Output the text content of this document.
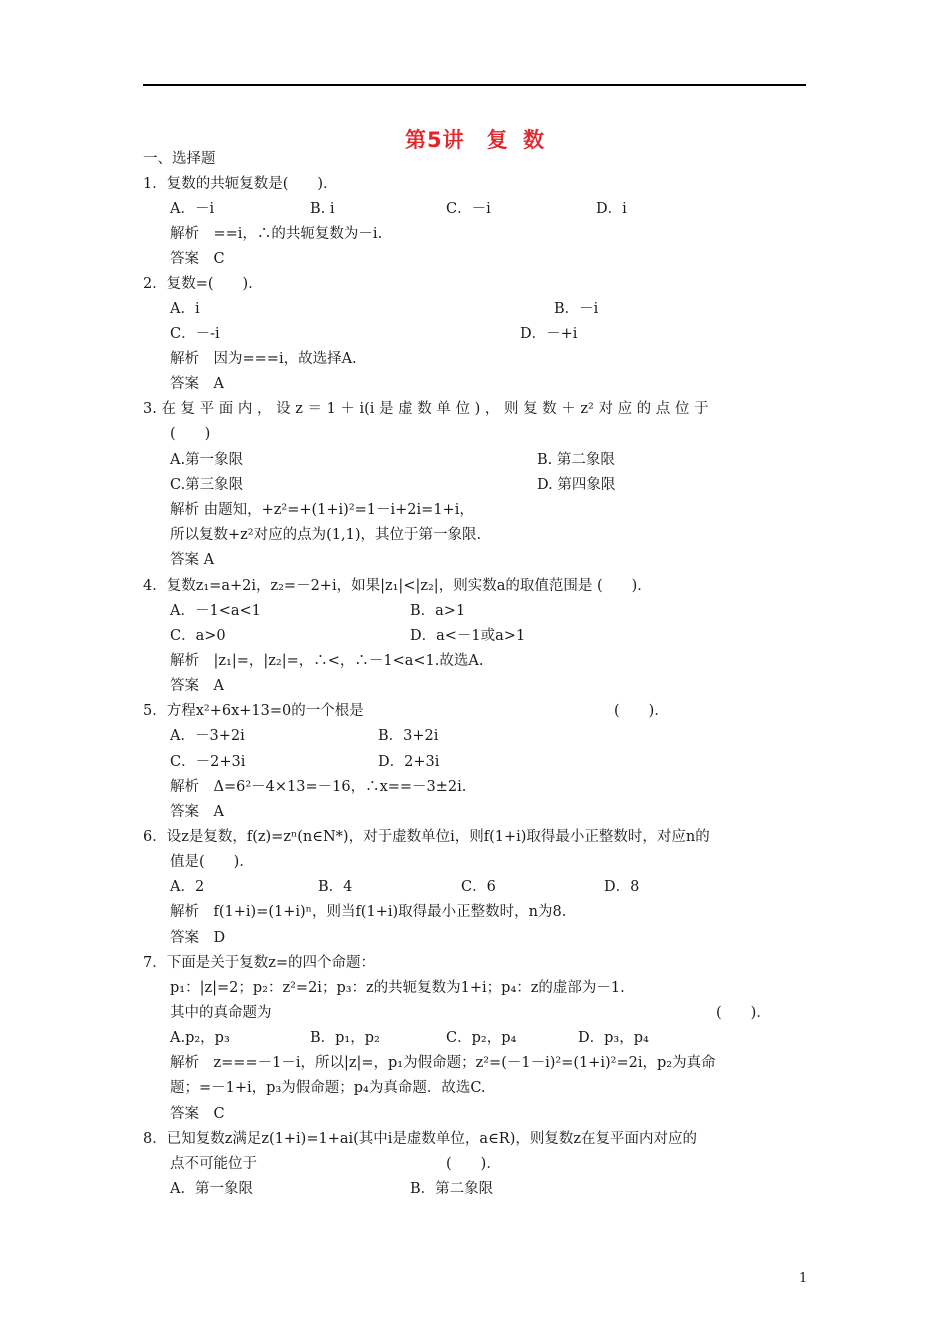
第5讲　复 数
一、选择题
1．复数的共轭复数是(　　)．
A．－i	B. i	C．－i	D．i
解析　==i，∴的共轭复数为－i.
答案　C
2．复数=(　　)．
A．i	B．－i
C．－-i	D．－+i
解析　因为===i，故选择A.
答案　A
3. 在 复 平 面 内 ， 设 z ＝ 1 ＋ i(i 是 虚 数 单 位 ) ， 则 复 数 ＋ z² 对 应 的 点 位 于
(　　)
A.第一象限	B. 第二象限
C.第三象限	D. 第四象限
解析 由题知，+z²=+(1+i)²=1－i+2i=1+i，
所以复数+z²对应的点为(1,1)，其位于第一象限.
答案 A
4．复数z₁=a+2i，z₂=－2+i，如果|z₁|<|z₂|，则实数a的取值范围是 (　　)．
A．－1<a<1	B．a>1
C．a>0	D．a<－1或a>1
解析　|z₁|=，|z₂|=，∴<，∴－1<a<1.故选A.
答案　A
5．方程x²+6x+13=0的一个根是	(　　)．
A．－3+2i	B．3+2i
C．－2+3i	D．2+3i
解析　Δ=6²－4×13=－16，∴x==－3±2i.
答案　A
6．设z是复数，f(z)=zⁿ(n∈N*)，对于虚数单位i，则f(1+i)取得最小正整数时，对应n的
值是(　　)．
A．2	B．4	C．6	D．8
解析　f(1+i)=(1+i)ⁿ，则当f(1+i)取得最小正整数时，n为8.
答案　D
7．下面是关于复数z=的四个命题：
p₁：|z|=2；p₂：z²=2i；p₃：z的共轭复数为1+i；p₄：z的虚部为－1.
其中的真命题为	(　　)．
A.p₂，p₃	B．p₁，p₂	C．p₂，p₄	D．p₃，p₄
解析　z===－1－i，所以|z|=，p₁为假命题；z²=(－1－i)²=(1+i)²=2i，p₂为真命
题；=－1+i，p₃为假命题；p₄为真命题．故选C.
答案　C
8．已知复数z满足z(1+i)=1+ai(其中i是虚数单位，a∈R)，则复数z在复平面内对应的
点不可能位于	(　　)．
A．第一象限	B．第二象限
1
